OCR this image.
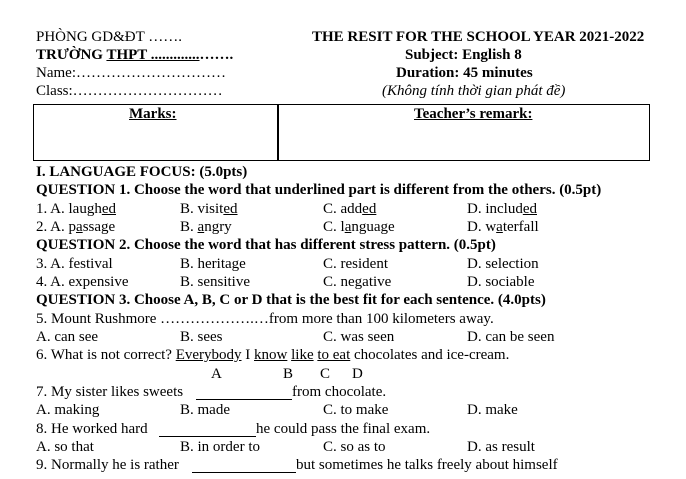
PHÒNG GD&ĐT …….
TRƯỜNG THPT .............…….
Name:…………………………
Class:…………………………
THE RESIT FOR THE SCHOOL YEAR 2021-2022
Subject: English 8
Duration: 45 minutes
(Không tính thời gian phát đề)
Marks:	Teacher’s remark:
I. LANGUAGE FOCUS: (5.0pts)
QUESTION 1. Choose the word that underlined part is different from the others. (0.5pt)
1. A. laughed	B. visited	C. added	D. included
2. A. passage	B. angry	C. language	D. waterfall
QUESTION 2. Choose the word that has different stress pattern. (0.5pt)
3. A. festival	B. heritage	C. resident	D. selection
4. A. expensive	B. sensitive	C. negative	D. sociable
QUESTION 3. Choose A, B, C or D that is the best fit for each sentence. (4.0pts)
5. Mount Rushmore ……………….…from more than 100 kilometers away.
A. can see	B. sees	C. was seen	D. can be seen
6. What is not correct? Everybody I know like to eat chocolates and ice-cream.
A	B C D
7. My sister likes sweets	from chocolate.
A. making	B. made	C. to make	D. make
8. He worked hard	he could pass the final exam.
A. so that	B. in order to	C. so as to	D. as result
9. Normally he is rather	but sometimes he talks freely about himself
